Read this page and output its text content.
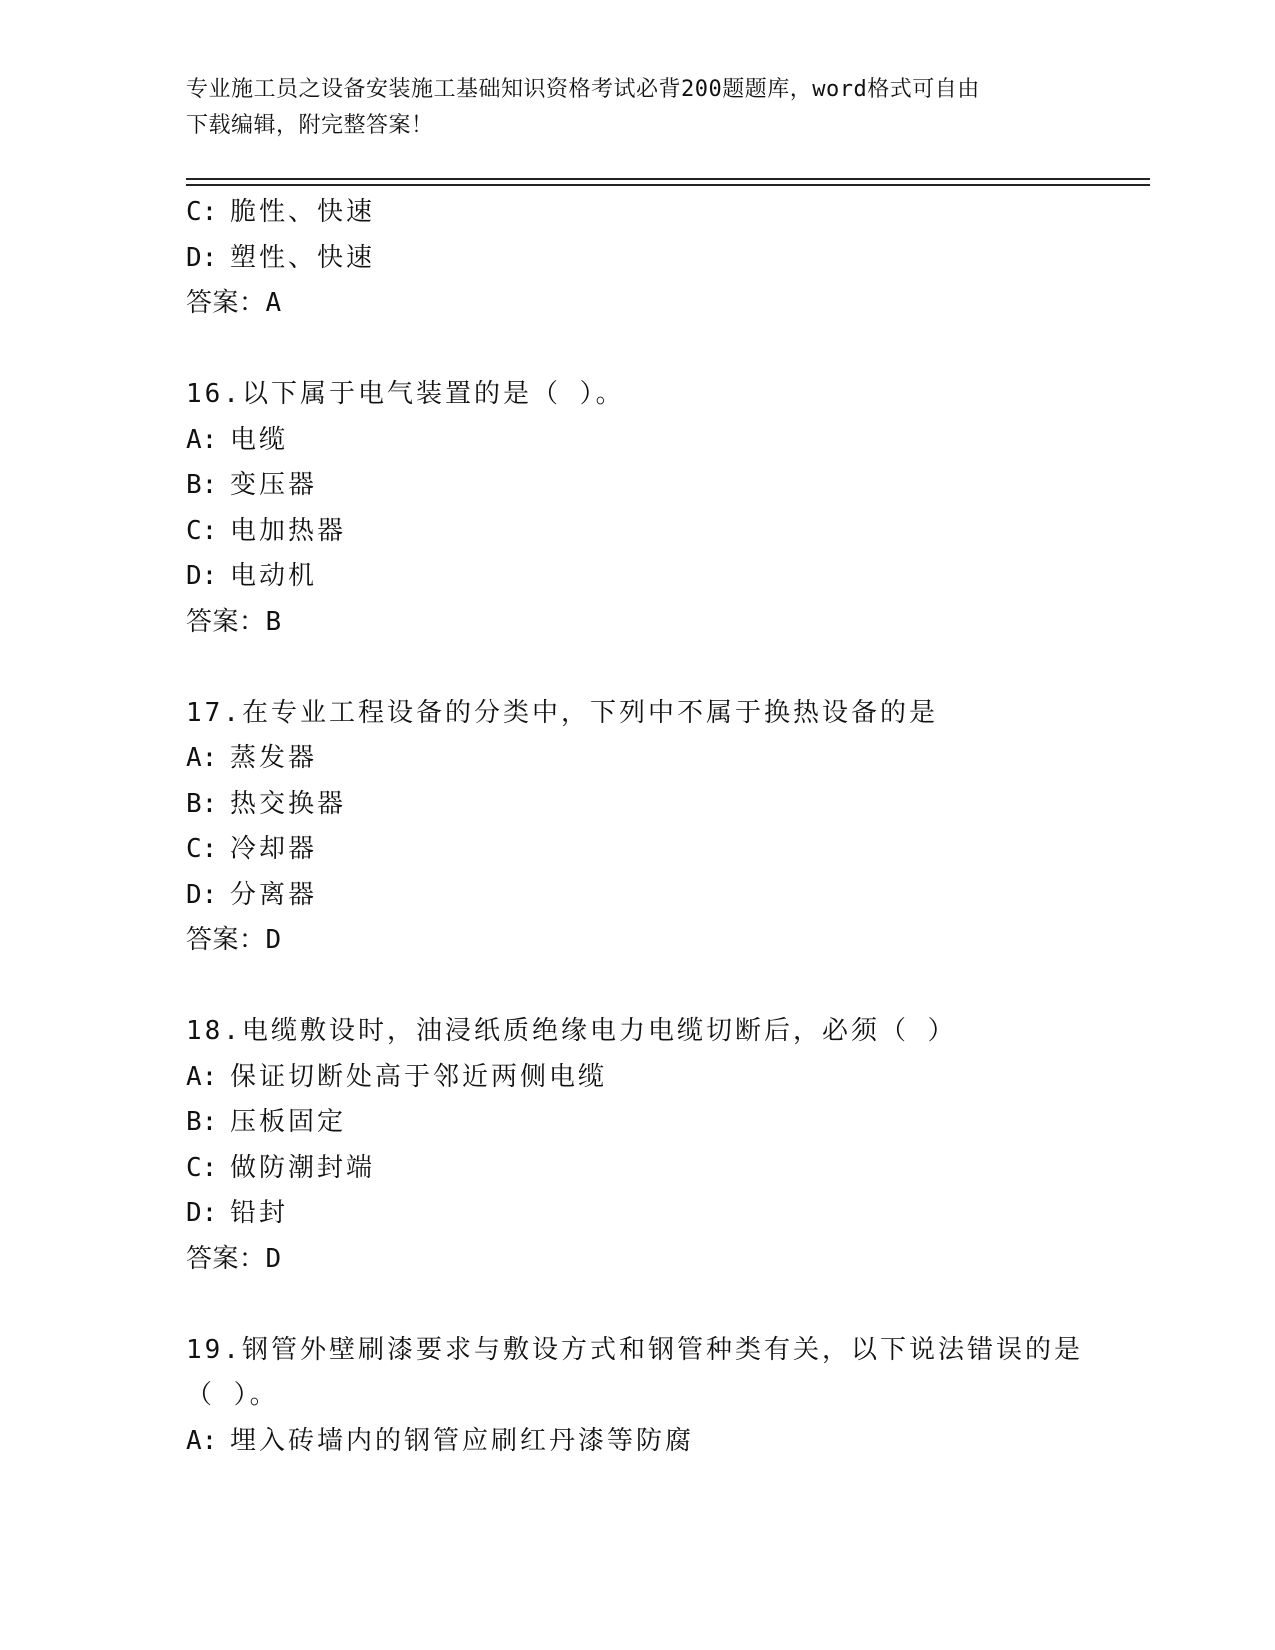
专业施工员之设备安装施工基础知识资格考试必背200题题库，word格式可自由
下载编辑，附完整答案！
C: 脆性、快速
D: 塑性、快速
答案：A
16.以下属于电气装置的是（ ）。
A: 电缆
B: 变压器
C: 电加热器
D: 电动机
答案：B
17.在专业工程设备的分类中，下列中不属于换热设备的是
A: 蒸发器
B: 热交换器
C: 冷却器
D: 分离器
答案：D
18.电缆敷设时，油浸纸质绝缘电力电缆切断后，必须（ ）
A: 保证切断处高于邻近两侧电缆
B: 压板固定
C: 做防潮封端
D: 铅封
答案：D
19.钢管外壁刷漆要求与敷设方式和钢管种类有关，以下说法错误的是
（ ）。
A: 埋入砖墙内的钢管应刷红丹漆等防腐
